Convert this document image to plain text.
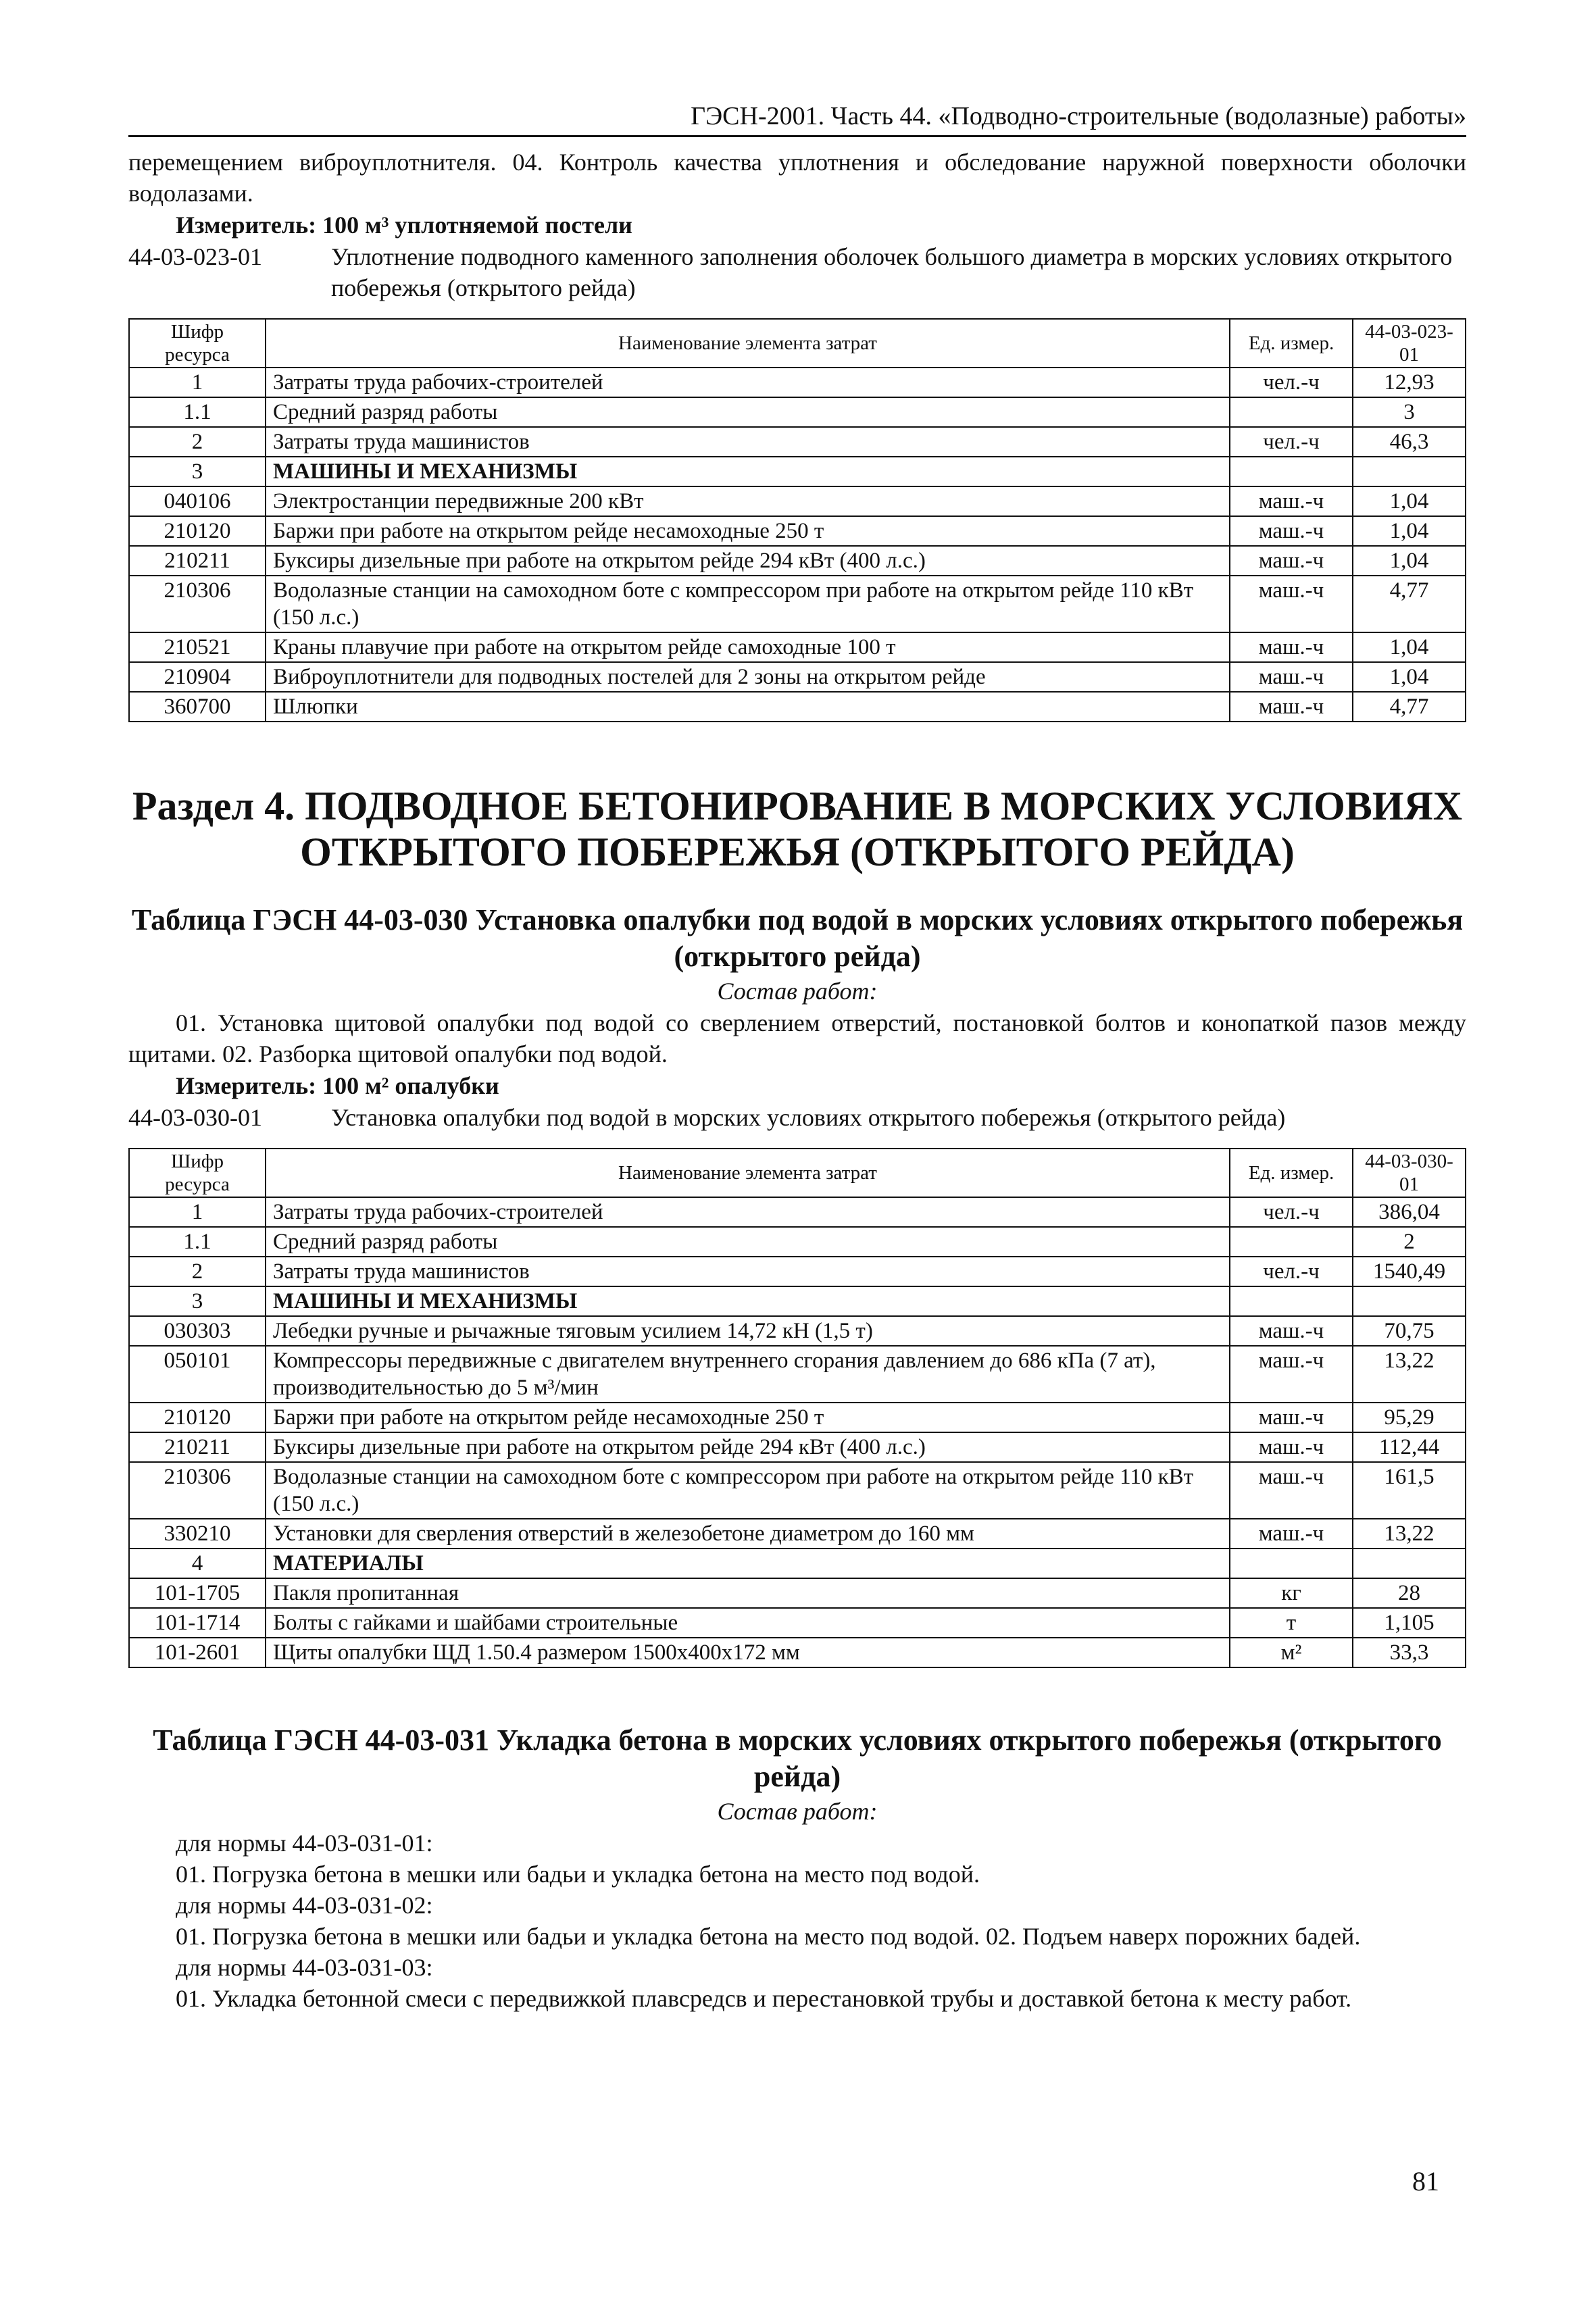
ГЭСН-2001. Часть 44. «Подводно-строительные (водолазные) работы»

перемещением виброуплотнителя. 04. Контроль качества уплотнения и обследование наружной поверхности оболочки водолазами.

Измеритель: 100 м³ уплотняемой постели
44-03-023-01	Уплотнение подводного каменного заполнения оболочек большого диаметра в морских условиях открытого побережья (открытого рейда)
Шифр ресурса	Наименование элемента затрат	Ед. измер.	44-03-023-01
1	Затраты труда рабочих-строителей	чел.-ч	12,93
1.1	Средний разряд работы		3
2	Затраты труда машинистов	чел.-ч	46,3
3	МАШИНЫ И МЕХАНИЗМЫ		
040106	Электростанции передвижные 200 кВт	маш.-ч	1,04
210120	Баржи при работе на открытом рейде несамоходные 250 т	маш.-ч	1,04
210211	Буксиры дизельные при работе на открытом рейде 294 кВт (400 л.с.)	маш.-ч	1,04
210306	Водолазные станции на самоходном боте с компрессором при работе на открытом рейде 110 кВт (150 л.с.)	маш.-ч	4,77
210521	Краны плавучие при работе на открытом рейде самоходные 100 т	маш.-ч	1,04
210904	Виброуплотнители для подводных постелей для 2 зоны на открытом рейде	маш.-ч	1,04
360700	Шлюпки	маш.-ч	4,77
Раздел 4. ПОДВОДНОЕ БЕТОНИРОВАНИЕ В МОРСКИХ УСЛОВИЯХ ОТКРЫТОГО ПОБЕРЕЖЬЯ (ОТКРЫТОГО РЕЙДА)
Таблица ГЭСН 44-03-030 Установка опалубки под водой в морских условиях открытого побережья (открытого рейда)
Состав работ:

01. Установка щитовой опалубки под водой со сверлением отверстий, постановкой болтов и конопаткой пазов между щитами. 02. Разборка щитовой опалубки под водой.

Измеритель: 100 м² опалубки
44-03-030-01	Установка опалубки под водой в морских условиях открытого побережья (открытого рейда)
Шифр ресурса	Наименование элемента затрат	Ед. измер.	44-03-030-01
1	Затраты труда рабочих-строителей	чел.-ч	386,04
1.1	Средний разряд работы		2
2	Затраты труда машинистов	чел.-ч	1540,49
3	МАШИНЫ И МЕХАНИЗМЫ		
030303	Лебедки ручные и рычажные тяговым усилием 14,72 кН (1,5 т)	маш.-ч	70,75
050101	Компрессоры передвижные с двигателем внутреннего сгорания давлением до 686 кПа (7 ат), производительностью до 5 м³/мин	маш.-ч	13,22
210120	Баржи при работе на открытом рейде несамоходные 250 т	маш.-ч	95,29
210211	Буксиры дизельные при работе на открытом рейде 294 кВт (400 л.с.)	маш.-ч	112,44
210306	Водолазные станции на самоходном боте с компрессором при работе на открытом рейде 110 кВт (150 л.с.)	маш.-ч	161,5
330210	Установки для сверления отверстий в железобетоне диаметром до 160 мм	маш.-ч	13,22
4	МАТЕРИАЛЫ		
101-1705	Пакля пропитанная	кг	28
101-1714	Болты с гайками и шайбами строительные	т	1,105
101-2601	Щиты опалубки ЩД 1.50.4 размером 1500x400x172 мм	м²	33,3
Таблица ГЭСН 44-03-031 Укладка бетона в морских условиях открытого побережья (открытого рейда)
Состав работ:

для нормы 44-03-031-01:

01. Погрузка бетона в мешки или бадьи и укладка бетона на место под водой.

для нормы 44-03-031-02:

01. Погрузка бетона в мешки или бадьи и укладка бетона на место под водой. 02. Подъем наверх порожних бадей.

для нормы 44-03-031-03:

01. Укладка бетонной смеси с передвижкой плавсредсв и перестановкой трубы и доставкой бетона к месту работ.

81
